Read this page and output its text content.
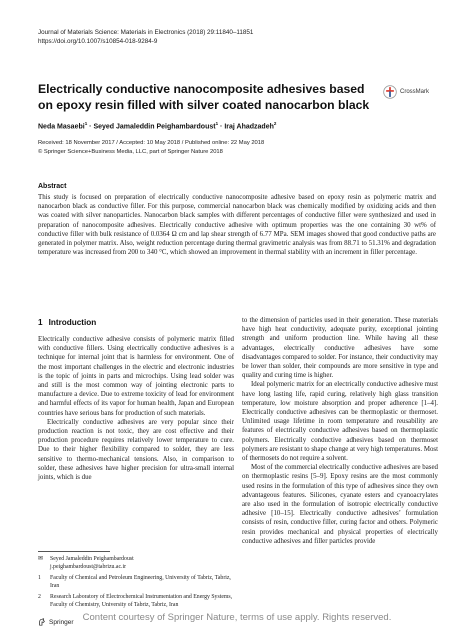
Journal of Materials Science: Materials in Electronics (2018) 29:11840–11851
https://doi.org/10.1007/s10854-018-9284-9
CrossMark
Electrically conductive nanocomposite adhesives based on epoxy resin filled with silver coated nanocarbon black
Neda Masaebi$^1$ · Seyed Jamaleddin Peighambardoust$^1$ · Iraj Ahadzadeh$^2$
Received: 18 November 2017 / Accepted: 10 May 2018 / Published online: 22 May 2018
© Springer Science+Business Media, LLC, part of Springer Nature 2018
Abstract

This study is focused on preparation of electrically conductive nanocomposite adhesive based on epoxy resin as polymeric matrix and nanocarbon black as conductive filler. For this purpose, commercial nanocarbon black was chemically modified by oxidizing acids and then was coated with silver nanoparticles. Nanocarbon black samples with different percentages of conductive filler were synthesized and used in preparation of nanocomposite adhesives. Electrically conductive adhesive with optimum properties was the one containing 30 wt% of conductive filler with bulk resistance of 0.0364 Ω cm and lap shear strength of 6.77 MPa. SEM images showed that good conductive paths are generated in polymer matrix. Also, weight reduction percentage during thermal gravimetric analysis was from 88.71 to 51.31% and degradation temperature was increased from 200 to 340 °C, which showed an improvement in thermal stability with an increment in filler percentage.

1 Introduction

Electrically conductive adhesive consists of polymeric matrix filled with conductive fillers. Using electrically conductive adhesives is a technique for internal joint that is harmless for environment. One of the most important challenges in the electric and electronic industries is the topic of joints in parts and microchips. Using lead solder was and still is the most common way of jointing electronic parts to manufacture a device. Due to extreme toxicity of lead for environment and harmful effects of its vapor for human health, Japan and European countries have serious bans for production of such materials.

Electrically conductive adhesives are very popular since their production reaction is not toxic, they are cost effective and their production procedure requires relatively lower temperature to cure. Due to their higher flexibility compared to solder, they are less sensitive to thermo-mechanical tensions. Also, in comparison to solder, these adhesives have higher precision for ultra-small internal joints, which is due

to the dimension of particles used in their generation. These materials have high heat conductivity, adequate purity, exceptional jointing strength and uniform production line. While having all these advantages, electrically conductive adhesives have some disadvantages compared to solder. For instance, their conductivity may be lower than solder, their compounds are more sensitive in type and quality and curing time is higher.

Ideal polymeric matrix for an electrically conductive adhesive must have long lasting life, rapid curing, relatively high glass transition temperature, low moisture absorption and proper adherence [1–4]. Electrically conductive adhesives can be thermoplastic or thermoset. Unlimited usage lifetime in room temperature and reusability are features of electrically conductive adhesives based on thermoplastic polymers. Electrically conductive adhesives based on thermoset polymers are resistant to shape change at very high temperatures. Most of thermosets do not require a solvent.

Most of the commercial electrically conductive adhesives are based on thermoplastic resins [5–9]. Epoxy resins are the most commonly used resins in the formulation of this type of adhesives since they own advantageous features. Silicones, cyanate esters and cyanoacrylates are also used in the formulation of isotropic electrically conductive adhesive [10–15]. Electrically conductive adhesives’ formulation consists of resin, conductive filler, curing factor and others. Polymeric resin provides mechanical and physical properties of electrically conductive adhesives and filler particles provide

✉	Seyed Jamaleddin Peighambardoust
j.peighambardoust@tabrizu.ac.ir
1	Faculty of Chemical and Petroleum Engineering, University of Tabriz, Tabriz, Iran
2	Research Laboratory of Electrochemical Instrumentation and Energy Systems, Faculty of Chemistry, University of Tabriz, Tabriz, Iran
Springer Content courtesy of Springer Nature, terms of use apply. Rights reserved.
